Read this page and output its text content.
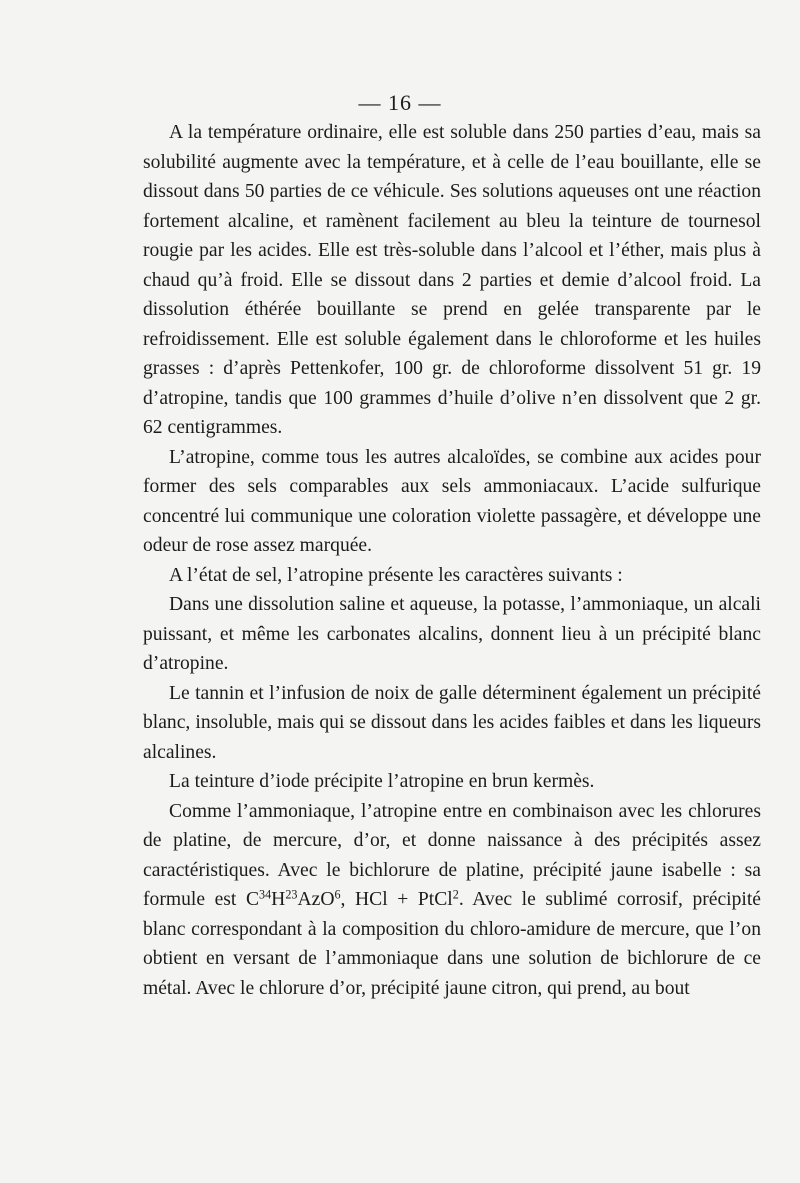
— 16 —

A la température ordinaire, elle est soluble dans 250 parties d’eau, mais sa solubilité augmente avec la température, et à celle de l’eau bouillante, elle se dissout dans 50 parties de ce véhicule. Ses solutions aqueuses ont une réaction fortement alcaline, et ramènent facilement au bleu la teinture de tournesol rougie par les acides. Elle est très-soluble dans l’alcool et l’éther, mais plus à chaud qu’à froid. Elle se dissout dans 2 parties et demie d’alcool froid. La dissolution éthérée bouillante se prend en gelée transparente par le refroidissement. Elle est soluble également dans le chloroforme et les huiles grasses : d’après Pettenkofer, 100 gr. de chloroforme dissolvent 51 gr. 19 d’atropine, tandis que 100 grammes d’huile d’olive n’en dissolvent que 2 gr. 62 centigrammes.

L’atropine, comme tous les autres alcaloïdes, se combine aux acides pour former des sels comparables aux sels ammoniacaux. L’acide sulfurique concentré lui communique une coloration violette passagère, et développe une odeur de rose assez marquée.

A l’état de sel, l’atropine présente les caractères suivants :

Dans une dissolution saline et aqueuse, la potasse, l’ammoniaque, un alcali puissant, et même les carbonates alcalins, donnent lieu à un précipité blanc d’atropine.

Le tannin et l’infusion de noix de galle déterminent également un précipité blanc, insoluble, mais qui se dissout dans les acides faibles et dans les liqueurs alcalines.

La teinture d’iode précipite l’atropine en brun kermès.

Comme l’ammoniaque, l’atropine entre en combinaison avec les chlorures de platine, de mercure, d’or, et donne naissance à des précipités assez caractéristiques. Avec le bichlorure de platine, précipité jaune isabelle : sa formule est $C^{34}H^{23}AzO^6$, HCl + PtCl$^2$. Avec le sublimé corrosif, précipité blanc correspondant à la composition du chloro-amidure de mercure, que l’on obtient en versant de l’ammoniaque dans une solution de bichlorure de ce métal. Avec le chlorure d’or, précipité jaune citron, qui prend, au bout
